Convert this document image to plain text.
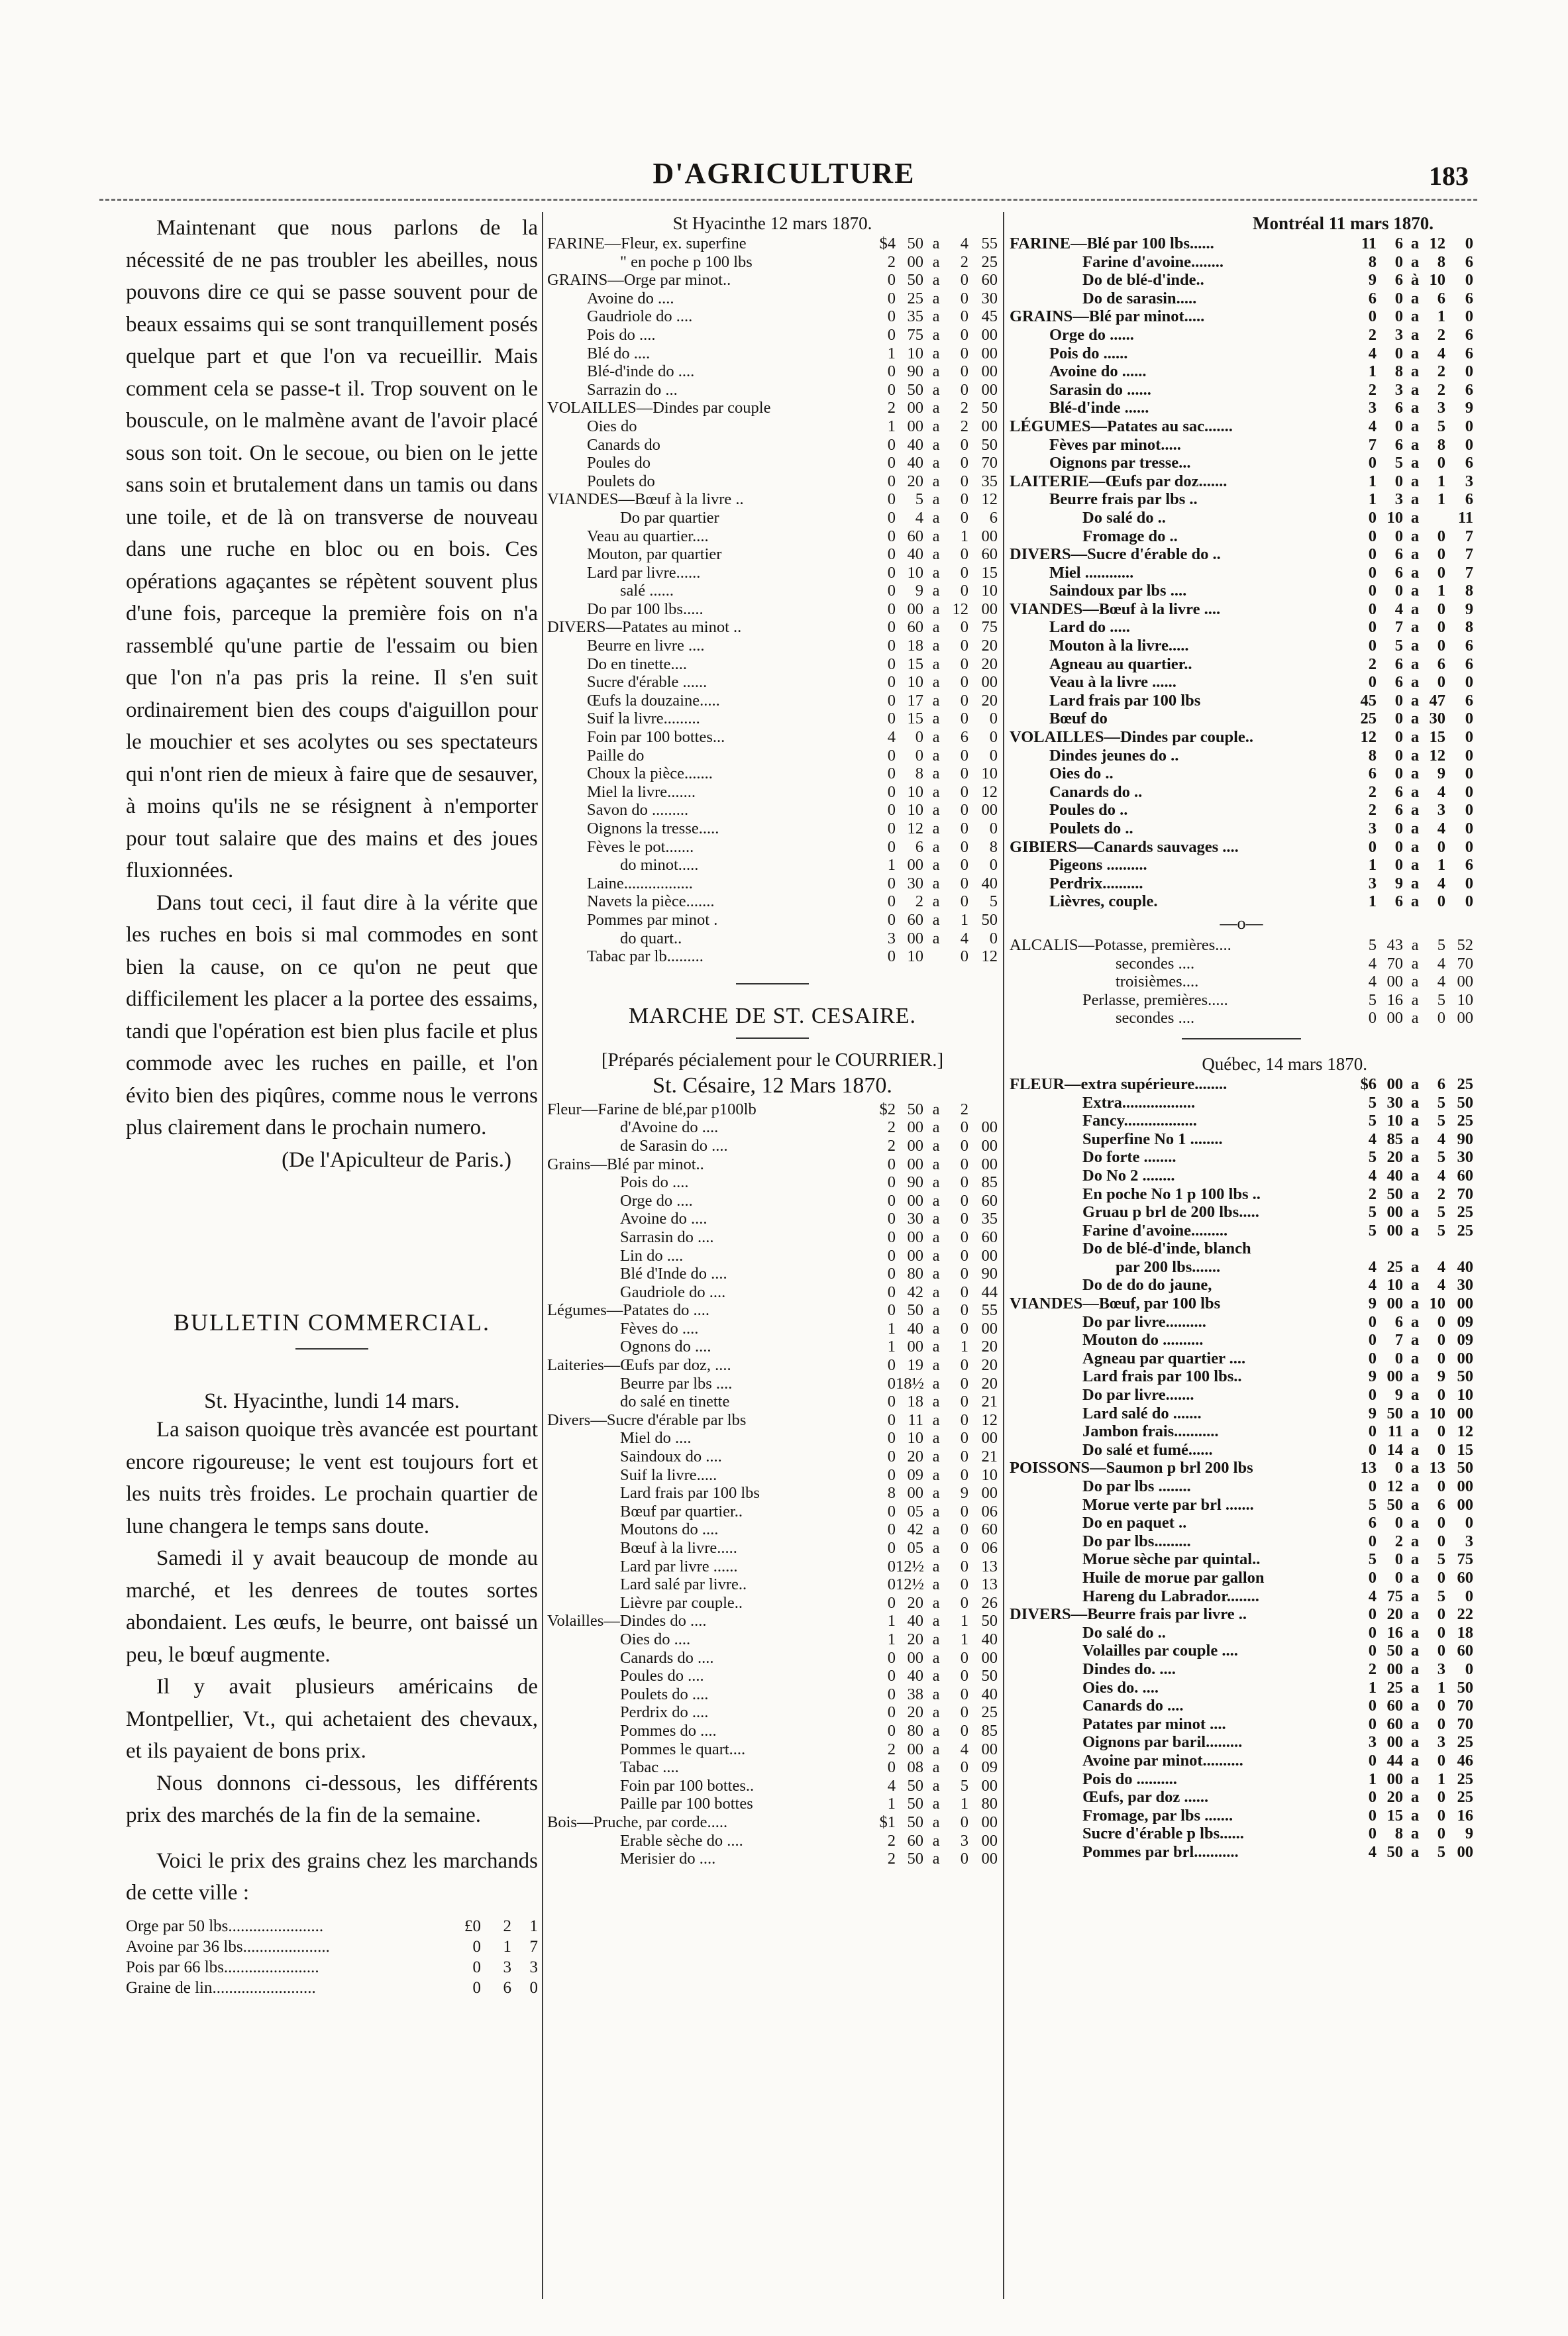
D'AGRICULTURE	183

Maintenant que nous parlons de la nécessité de ne pas troubler les abeilles, nous pouvons dire ce qui se passe souvent pour de beaux essaims qui se sont tranquillement posés quelque part et que l'on va recueillir. Mais comment cela se passe-t il. Trop souvent on le bouscule, on le malmène avant de l'avoir placé sous son toit. On le secoue, ou bien on le jette sans soin et brutalement dans un tamis ou dans une toile, et de là on transverse de nouveau dans une ruche en bloc ou en bois. Ces opérations agaçantes se répètent souvent plus d'une fois, parceque la première fois on n'a rassemblé qu'une partie de l'essaim ou bien que l'on n'a pas pris la reine. Il s'en suit ordinairement bien des coups d'aiguillon pour le mouchier et ses acolytes ou ses spectateurs qui n'ont rien de mieux à faire que de sesauver, à moins qu'ils ne se résignent à n'emporter pour tout salaire que des mains et des joues fluxionnées.

Dans tout ceci, il faut dire à la vérite que les ruches en bois si mal commodes en sont bien la cause, on ce qu'on ne peut que difficilement les placer a la portee des essaims, tandi que l'opération est bien plus facile et plus commode avec les ruches en paille, et l'on évito bien des piqûres, comme nous le verrons plus clairement dans le prochain numero.

(De l'Apiculteur de Paris.)

BULLETIN COMMERCIAL.

St. Hyacinthe, lundi 14 mars.

La saison quoique très avancée est pourtant encore rigoureuse; le vent est toujours fort et les nuits très froides. Le prochain quartier de lune changera le temps sans doute.

Samedi il y avait beaucoup de monde au marché, et les denrees de toutes sortes abondaient. Les œufs, le beurre, ont baissé un peu, le bœuf augmente.

Il y avait plusieurs américains de Montpellier, Vt., qui achetaient des chevaux, et ils payaient de bons prix.

Nous donnons ci-dessous, les différents prix des marchés de la fin de la semaine.

Voici le prix des grains chez les marchands de cette ville :

Orge par 50 lbs.......................	£0	2	1
Avoine par 36 lbs.....................	0	1	7
Pois par 66 lbs.......................	0	3	3
Graine de lin.........................	0	6	0

St Hyacinthe 12 mars 1870.

FARINE—Fleur, ex. superfine	$4 50 a	4 55
" en poche p 100 lbs	2 00 a	2 25
GRAINS—Orge par minot..	0 50 a	0 60
Avoine do ....	0 25 a	0 30
Gaudriole do ....	0 35 a	0 45
Pois do ....	0 75 a	0 00
Blé do ....	1 10 a	0 00
Blé-d'inde do ....	0 90 a	0 00
Sarrazin do ...	0 50 a	0 00
VOLAILLES—Dindes par couple	2 00 a	2 50
Oies do	1 00 a	2 00
Canards do	0 40 a	0 50
Poules do	0 40 a	0 70
Poulets do	0 20 a	0 35
VIANDES—Bœuf à la livre ..	0	5 a	0 12
Do par quartier	0	4 a	0	6
Veau au quartier....	0 60 a	1 00
Mouton, par quartier	0 40 a	0 60
Lard par livre......	0 10 a	0 15
salé ......	0	9 a	0 10
Do par 100 lbs.....	0 00 a 12 00
DIVERS—Patates au minot ..	0 60 a	0 75
Beurre en livre ....	0 18 a	0 20
Do en tinette....	0 15 a	0 20
Sucre d'érable ......	0 10 a	0 00
Œufs la douzaine.....	0 17 a	0 20
Suif la livre.........	0 15 a	0	0
Foin par 100 bottes...	4	0 a	6	0
Paille do	0	0 a	0	0
Choux la pièce.......	0	8 a	0 10
Miel la livre.......	0 10 a	0 12
Savon do .........	0 10 a	0 00
Oignons la tresse.....	0 12 a	0	0
Fèves le pot.......	0	6 a	0	8
do minot.....	1 00 a	0	0
Laine.................	0 30 a	0 40
Navets la pièce.......	0	2 a	0	5
Pommes par minot .	0 60 a	1 50
do quart..	3 00 a	4	0
Tabac par lb.........	0 10	0 12

MARCHE DE ST. CESAIRE.

[Préparés pécialement pour le COURRIER.]

St. Césaire, 12 Mars 1870.

Fleur—Farine de blé,par p100lb	$2 50 a	2
d'Avoine do ....	2 00 a	0 00
de Sarasin do ....	2 00 a	0 00
Grains—Blé par minot..	0 00 a	0 00
Pois do ....	0 90 a	0 85
Orge do ....	0 00 a	0 60
Avoine do ....	0 30 a	0 35
Sarrasin do ....	0 00 a	0 60
Lin do ....	0 00 a	0 00
Blé d'Inde do ....	0 80 a	0 90
Gaudriole do ....	0 42 a	0 44
Légumes—Patates do ....	0 50 a	0 55
Fèves do ....	1 40 a	0 00
Ognons do ....	1 00 a	1 20
Laiteries—Œufs par doz, ....	0 19 a	0 20
Beurre par lbs ....	0 18½ a	0 20
do salé en tinette	0 18 a	0 21
Divers—Sucre d'érable par lbs	0 11 a	0 12
Miel do ....	0 10 a	0 00
Saindoux do ....	0 20 a	0 21
Suif la livre.....	0 09 a	0 10
Lard frais par 100 lbs	8 00 a	9 00
Bœuf par quartier..	0 05 a	0 06
Moutons do ....	0 42 a	0 60
Bœuf à la livre.....	0 05 a	0 06
Lard par livre ......	0 12½ a	0 13
Lard salé par livre..	0 12½ a	0 13
Lièvre par couple..	0 20 a	0 26
Volailles—Dindes do ....	1 40 a	1 50
Oies do ....	1 20 a	1 40
Canards do ....	0 00 a	0 00
Poules do ....	0 40 a	0 50
Poulets do ....	0 38 a	0 40
Perdrix do ....	0 20 a	0 25
Pommes do ....	0 80 a	0 85
Pommes le quart....	2 00 a	4 00
Tabac ....	0 08 a	0 09
Foin par 100 bottes..	4 50 a	5 00
Paille par 100 bottes	1 50 a	1 80
Bois—Pruche, par corde.....	$1 50 a	0 00
Erable sèche do ....	2 60 a	3 00
Merisier do ....	2 50 a	0 00

Montréal 11 mars 1870.

FARINE—Blé par 100 lbs......	11	6 a 12	0
Farine d'avoine........	8	0 a	8	6
Do de blé-d'inde..	9	6 à 10	0
Do de sarasin.....	6	0 a	6	6
GRAINS—Blé par minot.....	0	0 a	1	0
Orge do ......	2	3 a	2	6
Pois do ......	4	0 a	4	6
Avoine do ......	1	8 a	2	0
Sarasin do ......	2	3 a	2	6
Blé-d'inde ......	3	6 a	3	9
LÉGUMES—Patates au sac.......	4	0 a	5	0
Fèves par minot.....	7	6 a	8	0
Oignons par tresse...	0	5 a	0	6
LAITERIE—Œufs par doz.......	1	0 a	1	3
Beurre frais par lbs ..	1	3 a	1	6
Do salé do ..	0 10 a	11
Fromage do ..	0	0 a	0	7
DIVERS—Sucre d'érable do ..	0	6 a	0	7
Miel ............	0	6 a	0	7
Saindoux par lbs ....	0	0 a	1	8
VIANDES—Bœuf à la livre ....	0	4 a	0	9
Lard do .....	0	7 a	0	8
Mouton à la livre.....	0	5 a	0	6
Agneau au quartier..	2	6 a	6	6
Veau à la livre ......	0	6 a	0	0
Lard frais par 100 lbs	45	0 a 47	6
Bœuf do	25	0 a 30	0
VOLAILLES—Dindes par couple..	12	0 a 15	0
Dindes jeunes do ..	8	0 a 12	0
Oies do ..	6	0 a	9	0
Canards do ..	2	6 a	4	0
Poules do ..	2	6 a	3	0
Poulets do ..	3	0 a	4	0
GIBIERS—Canards sauvages ....	0	0 a	0	0
Pigeons ..........	1	0 a	1	6
Perdrix..........	3	9 a	4	0
Lièvres, couple.	1	6 a	0	0
—o—
ALCALIS—Potasse, premières....	5 43 a	5 52
secondes ....	4 70 a	4 70
troisièmes....	4 00 a	4 00
Perlasse, premières.....	5 16 a	5 10
secondes ....	0 00 a	0 00

Québec, 14 mars 1870.

FLEUR—extra supérieure........	$6 00 a	6 25
Extra..................	5 30 a	5 50
Fancy..................	5 10 a	5 25
Superfine No 1 ........	4 85 a	4 90
Do forte ........	5 20 a	5 30
Do No 2 ........	4 40 a	4 60
En poche No 1 p 100 lbs ..	2 50 a	2 70
Gruau p brl de 200 lbs.....	5 00 a	5 25
Farine d'avoine.........	5 00 a	5 25
Do de blé-d'inde, blanch
par 200 lbs.......	4 25 a	4 40
Do de do do jaune,	4 10 a	4 30
VIANDES—Bœuf, par 100 lbs	9 00 a 10 00
Do par livre..........	0	6 a	0 09
Mouton do ..........	0	7 a	0 09
Agneau par quartier ....	0	0 a	0 00
Lard frais par 100 lbs..	9 00 a	9 50
Do par livre.......	0	9 a	0 10
Lard salé do .......	9 50 a 10 00
Jambon frais...........	0 11 a	0 12
Do salé et fumé......	0 14 a	0 15
POISSONS—Saumon p brl 200 lbs	13	0 a 13 50
Do par lbs ........	0 12 a	0 00
Morue verte par brl .......	5 50 a	6 00
Do en paquet ..	6	0 a	0	0
Do par lbs.........	0	2 a	0	3
Morue sèche par quintal..	5	0 a	5 75
Huile de morue par gallon	0	0 a	0 60
Hareng du Labrador........	4 75 a	5	0
DIVERS—Beurre frais par livre ..	0 20 a	0 22
Do salé do ..	0 16 a	0 18
Volailles par couple ....	0 50 a	0 60
Dindes do. ....	2 00 a	3	0
Oies do. ....	1 25 a	1 50
Canards do ....	0 60 a	0 70
Patates par minot ....	0 60 a	0 70
Oignons par baril.........	3 00 a	3 25
Avoine par minot..........	0 44 a	0 46
Pois do ..........	1 00 a	1 25
Œufs, par doz ......	0 20 a	0 25
Fromage, par lbs .......	0 15 a	0 16
Sucre d'érable p lbs......	0	8 a	0	9
Pommes par brl...........	4 50 a	5 00
